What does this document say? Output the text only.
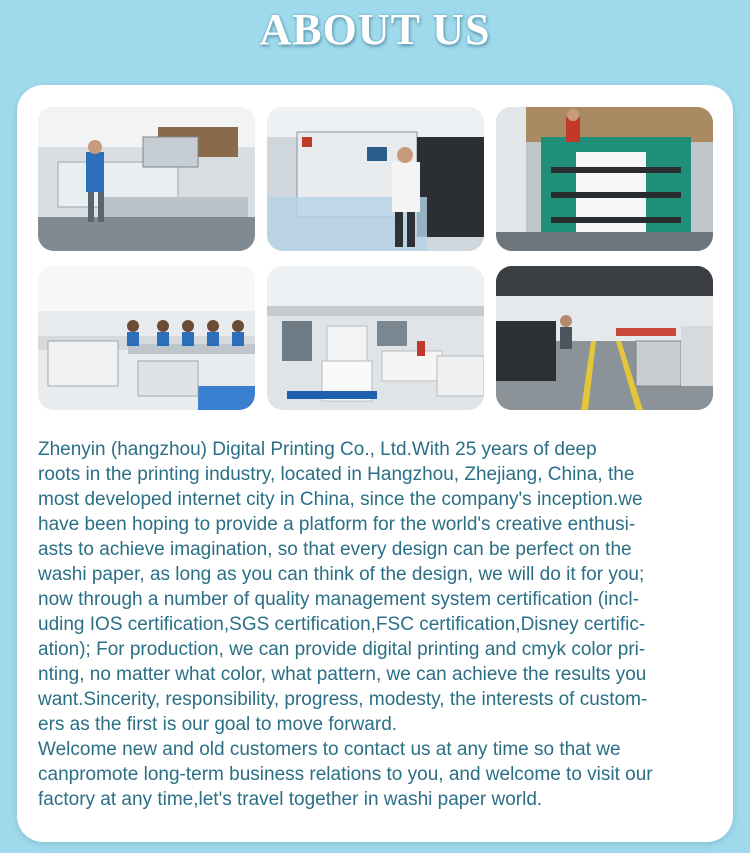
ABOUT US

Zhenyin (hangzhou) Digital Printing Co., Ltd.With 25 years of deep
roots in the printing industry, located in Hangzhou, Zhejiang, China, the
most developed internet city in China, since the company's inception.we
have been hoping to provide a platform for the world's creative enthusi-
asts to achieve imagination, so that every design can be perfect on the
washi paper, as long as you can think of the design, we will do it for you;
now through a number of quality management system certification (incl-
uding IOS certification,SGS certification,FSC certification,Disney certific-
ation); For production, we can provide digital printing and cmyk color pri-
nting, no matter what color, what pattern, we can achieve the results you
want.Sincerity, responsibility, progress, modesty, the interests of custom-
ers as the first is our goal to move forward.
Welcome new and old customers to contact us at any time so that we
canpromote long-term business relations to you, and welcome to visit our
factory at any time,let's travel together in washi paper world.
